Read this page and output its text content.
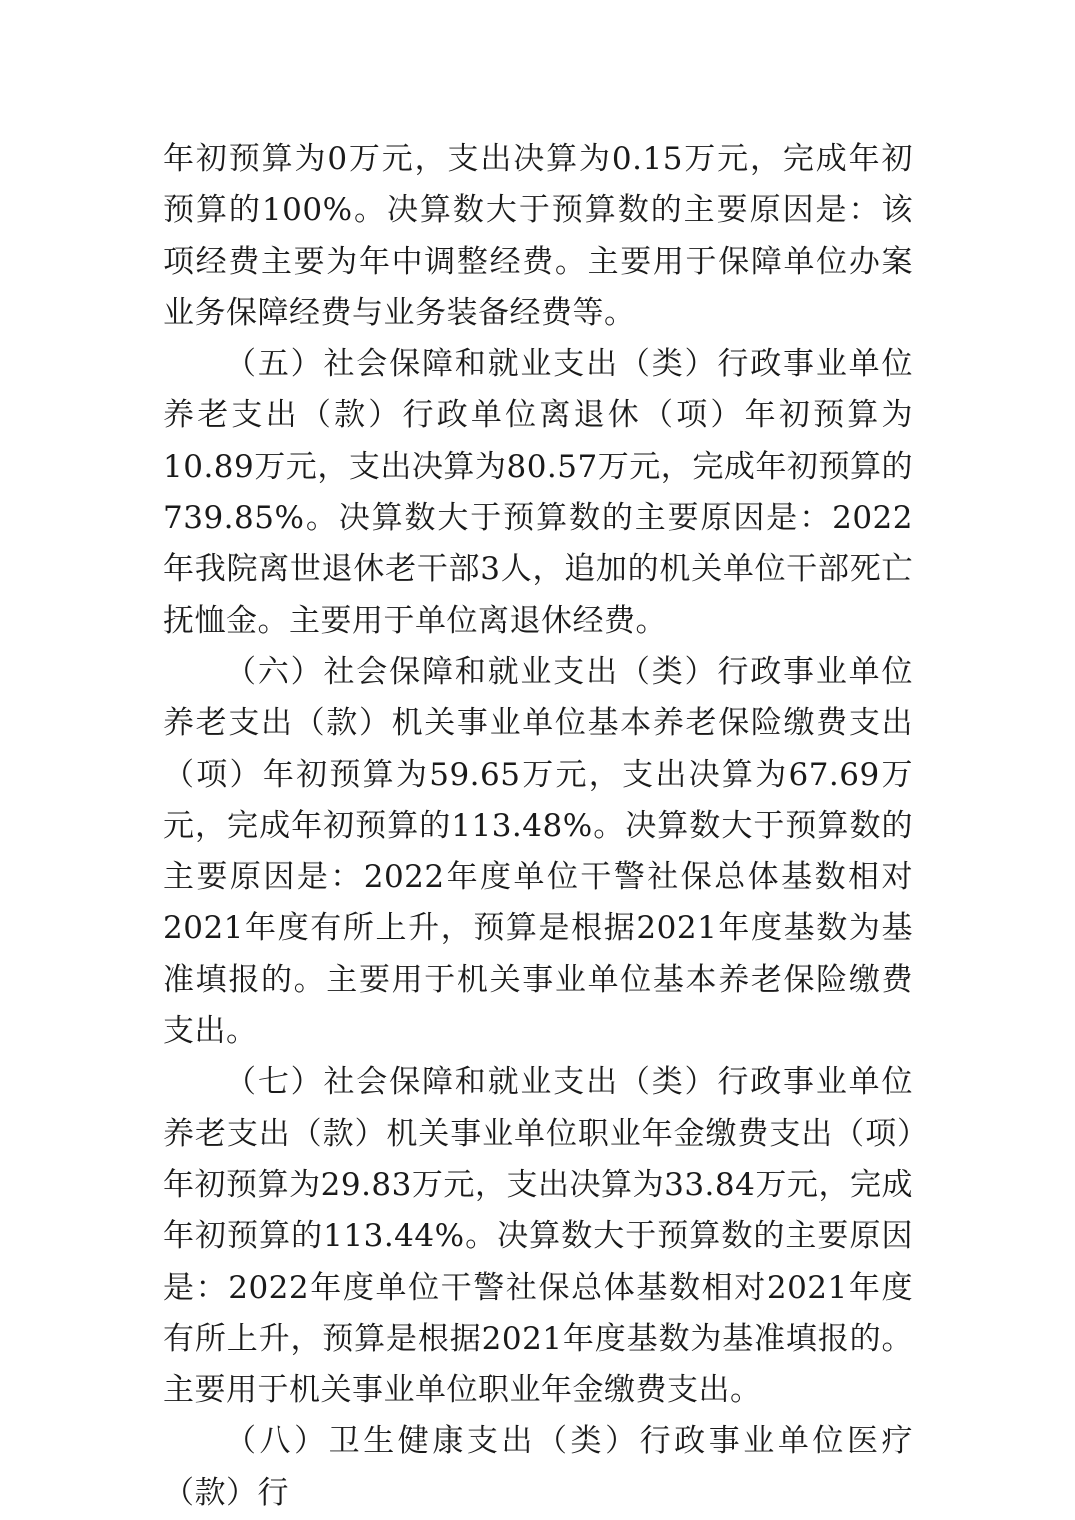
年初预算为0万元，支出决算为0.15万元，完成年初预算的100%。决算数大于预算数的主要原因是：该项经费主要为年中调整经费。主要用于保障单位办案业务保障经费与业务装备经费等。

（五）社会保障和就业支出（类）行政事业单位养老支出（款）行政单位离退休（项）年初预算为10.89万元，支出决算为80.57万元，完成年初预算的739.85%。决算数大于预算数的主要原因是：2022年我院离世退休老干部3人，追加的机关单位干部死亡抚恤金。主要用于单位离退休经费。

（六）社会保障和就业支出（类）行政事业单位养老支出（款）机关事业单位基本养老保险缴费支出（项）年初预算为59.65万元，支出决算为67.69万元，完成年初预算的113.48%。决算数大于预算数的主要原因是：2022年度单位干警社保总体基数相对2021年度有所上升，预算是根据2021年度基数为基准填报的。主要用于机关事业单位基本养老保险缴费支出。

（七）社会保障和就业支出（类）行政事业单位养老支出（款）机关事业单位职业年金缴费支出（项）年初预算为29.83万元，支出决算为33.84万元，完成年初预算的113.44%。决算数大于预算数的主要原因是：2022年度单位干警社保总体基数相对2021年度有所上升，预算是根据2021年度基数为基准填报的。主要用于机关事业单位职业年金缴费支出。

（八）卫生健康支出（类）行政事业单位医疗（款）行
